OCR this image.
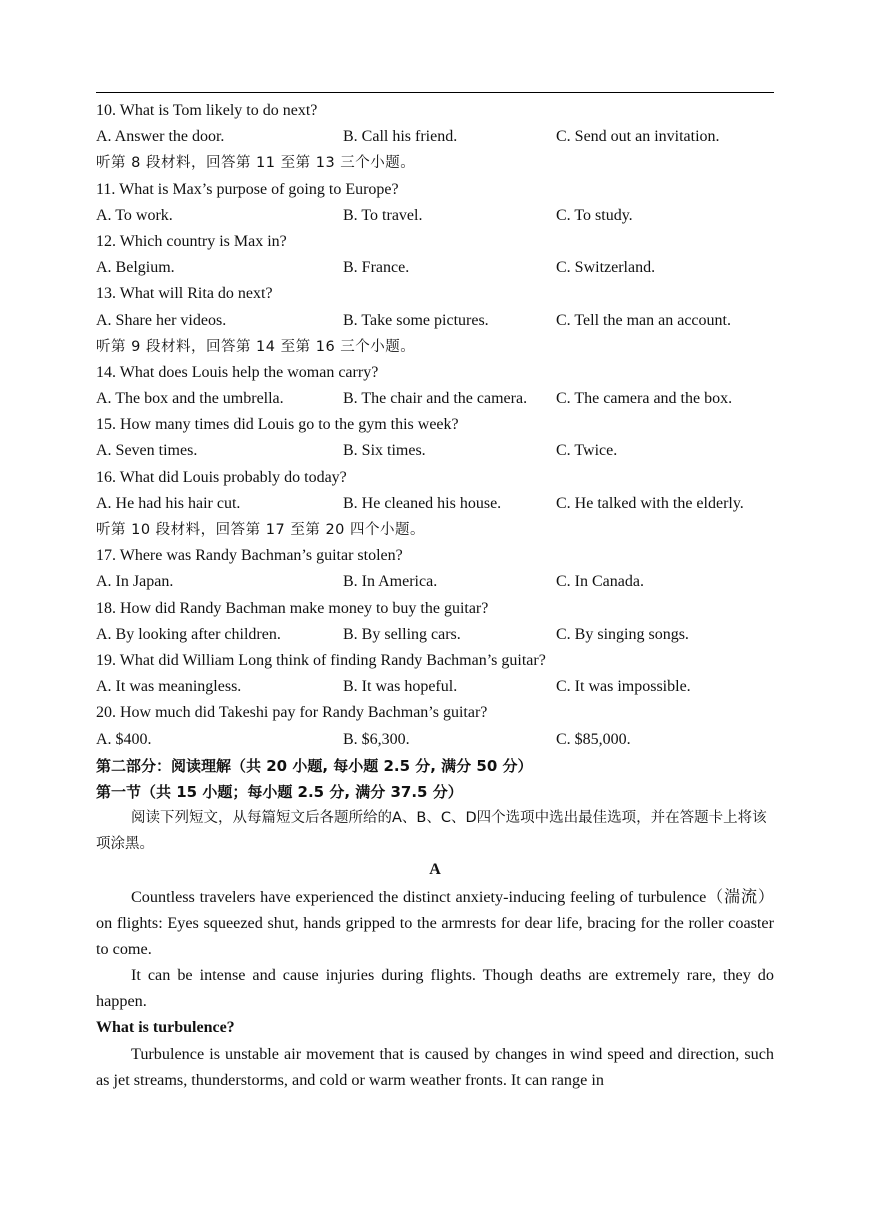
10. What is Tom likely to do next?
A. Answer the door.	B. Call his friend.	C. Send out an invitation.
听第 8 段材料，回答第 11 至第 13 三个小题。
11. What is Max’s purpose of going to Europe?
A. To work.	B. To travel.	C. To study.
12. Which country is Max in?
A. Belgium.	B. France.	C. Switzerland.
13. What will Rita do next?
A. Share her videos.	B. Take some pictures.	C. Tell the man an account.
听第 9 段材料，回答第 14 至第 16 三个小题。
14. What does Louis help the woman carry?
A. The box and the umbrella.	B. The chair and the camera.	C. The camera and the box.
15. How many times did Louis go to the gym this week?
A. Seven times.	B. Six times.	C. Twice.
16. What did Louis probably do today?
A. He had his hair cut.	B. He cleaned his house.	C. He talked with the elderly.
听第 10 段材料，回答第 17 至第 20 四个小题。
17. Where was Randy Bachman’s guitar stolen?
A. In Japan.	B. In America.	C. In Canada.
18. How did Randy Bachman make money to buy the guitar?
A. By looking after children.	B. By selling cars.	C. By singing songs.
19. What did William Long think of finding Randy Bachman’s guitar?
A. It was meaningless.	B. It was hopeful.	C. It was impossible.
20. How much did Takeshi pay for Randy Bachman’s guitar?
A. $400.	B. $6,300.	C. $85,000.
第二部分：阅读理解（共 20 小题, 每小题 2.5 分, 满分 50 分）
第一节（共 15 小题；每小题 2.5 分, 满分 37.5 分）
阅读下列短文，从每篇短文后各题所给的A、B、C、D四个选项中选出最佳选项，并在答题卡上将该项涂黑。
A
Countless travelers have experienced the distinct anxiety-inducing feeling of turbulence（湍流）on flights: Eyes squeezed shut, hands gripped to the armrests for dear life, bracing for the roller coaster to come.
It can be intense and cause injuries during flights. Though deaths are extremely rare, they do happen.
What is turbulence?
Turbulence is unstable air movement that is caused by changes in wind speed and direction, such as jet streams, thunderstorms, and cold or warm weather fronts. It can range in
